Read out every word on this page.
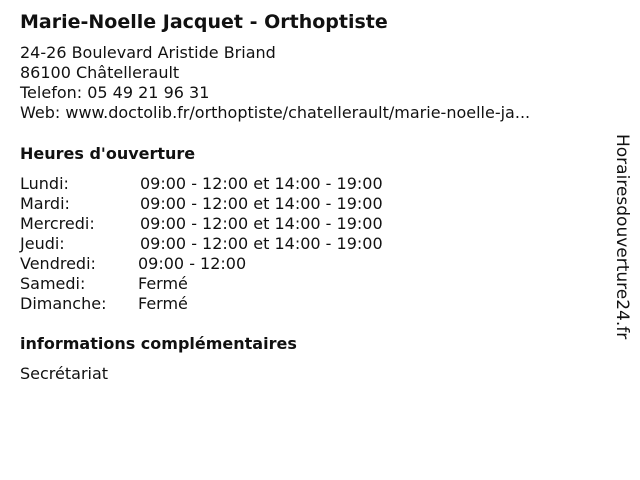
Marie-Noelle Jacquet - Orthoptiste
24-26 Boulevard Aristide Briand
86100 Châtellerault
Telefon: 05 49 21 96 31
Web: www.doctolib.fr/orthoptiste/chatellerault/marie-noelle-ja...
Heures d'ouverture
Lundi:	09:00 - 12:00 et 14:00 - 19:00
Mardi:	09:00 - 12:00 et 14:00 - 19:00
Mercredi:	09:00 - 12:00 et 14:00 - 19:00
Jeudi:	09:00 - 12:00 et 14:00 - 19:00
Vendredi:	09:00 - 12:00
Samedi:	Fermé
Dimanche: Fermé
informations complémentaires
Secrétariat
Horairesdouverture24.fr
